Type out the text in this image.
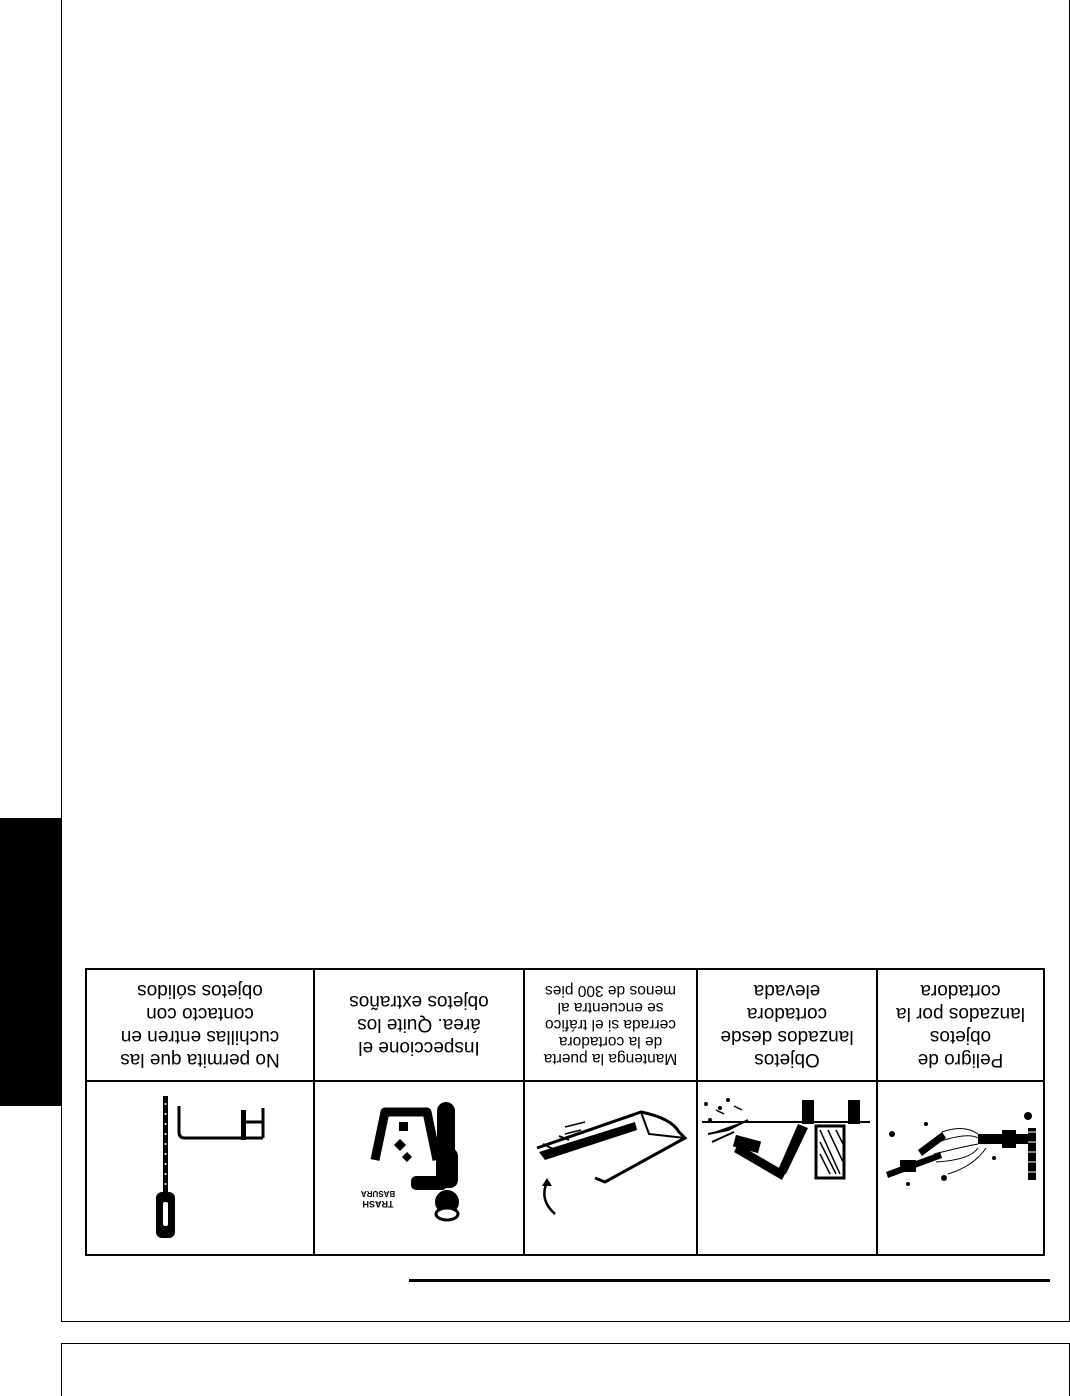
No permita que las
cuchillas entren en
contacto con
objetos sólidos
Inspeccione el
área. Quite los
objetos extraños
Mantenga la puerta
de la cortadora
cerrada si el tráfico
se encuentra al
menos de 300 pies
Objetos
lanzados desde
cortadora
elevada
Peligro de
objetos
lanzados por la
cortadora
TRASH
BASURA
